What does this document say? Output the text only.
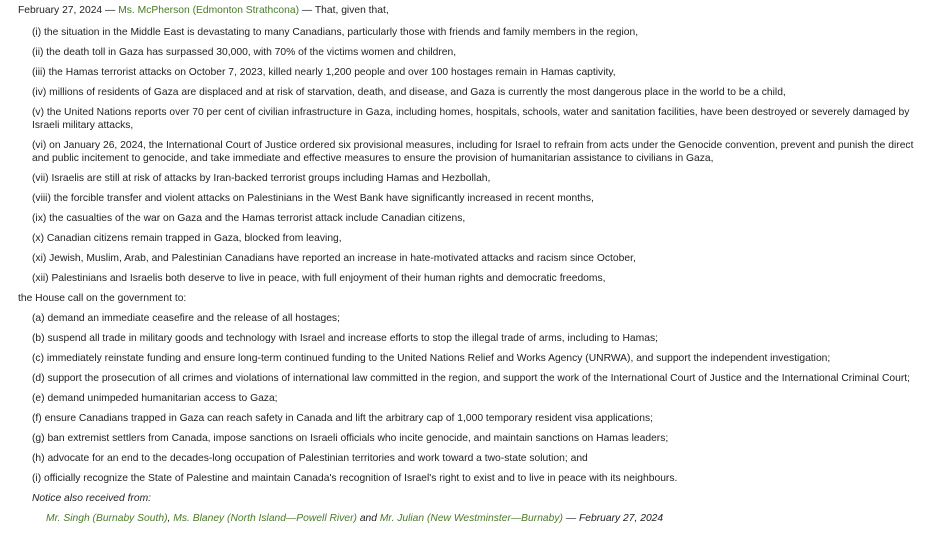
February 27, 2024 — Ms. McPherson (Edmonton Strathcona) — That, given that,
(i) the situation in the Middle East is devastating to many Canadians, particularly those with friends and family members in the region,
(ii) the death toll in Gaza has surpassed 30,000, with 70% of the victims women and children,
(iii) the Hamas terrorist attacks on October 7, 2023, killed nearly 1,200 people and over 100 hostages remain in Hamas captivity,
(iv) millions of residents of Gaza are displaced and at risk of starvation, death, and disease, and Gaza is currently the most dangerous place in the world to be a child,
(v) the United Nations reports over 70 per cent of civilian infrastructure in Gaza, including homes, hospitals, schools, water and sanitation facilities, have been destroyed or severely damaged by Israeli military attacks,
(vi) on January 26, 2024, the International Court of Justice ordered six provisional measures, including for Israel to refrain from acts under the Genocide convention, prevent and punish the direct and public incitement to genocide, and take immediate and effective measures to ensure the provision of humanitarian assistance to civilians in Gaza,
(vii) Israelis are still at risk of attacks by Iran-backed terrorist groups including Hamas and Hezbollah,
(viii) the forcible transfer and violent attacks on Palestinians in the West Bank have significantly increased in recent months,
(ix) the casualties of the war on Gaza and the Hamas terrorist attack include Canadian citizens,
(x) Canadian citizens remain trapped in Gaza, blocked from leaving,
(xi) Jewish, Muslim, Arab, and Palestinian Canadians have reported an increase in hate-motivated attacks and racism since October,
(xii) Palestinians and Israelis both deserve to live in peace, with full enjoyment of their human rights and democratic freedoms,
the House call on the government to:
(a) demand an immediate ceasefire and the release of all hostages;
(b) suspend all trade in military goods and technology with Israel and increase efforts to stop the illegal trade of arms, including to Hamas;
(c) immediately reinstate funding and ensure long-term continued funding to the United Nations Relief and Works Agency (UNRWA), and support the independent investigation;
(d) support the prosecution of all crimes and violations of international law committed in the region, and support the work of the International Court of Justice and the International Criminal Court;
(e) demand unimpeded humanitarian access to Gaza;
(f) ensure Canadians trapped in Gaza can reach safety in Canada and lift the arbitrary cap of 1,000 temporary resident visa applications;
(g) ban extremist settlers from Canada, impose sanctions on Israeli officials who incite genocide, and maintain sanctions on Hamas leaders;
(h) advocate for an end to the decades-long occupation of Palestinian territories and work toward a two-state solution; and
(i) officially recognize the State of Palestine and maintain Canada's recognition of Israel's right to exist and to live in peace with its neighbours.
Notice also received from:
Mr. Singh (Burnaby South), Ms. Blaney (North Island—Powell River) and Mr. Julian (New Westminster—Burnaby) — February 27, 2024
